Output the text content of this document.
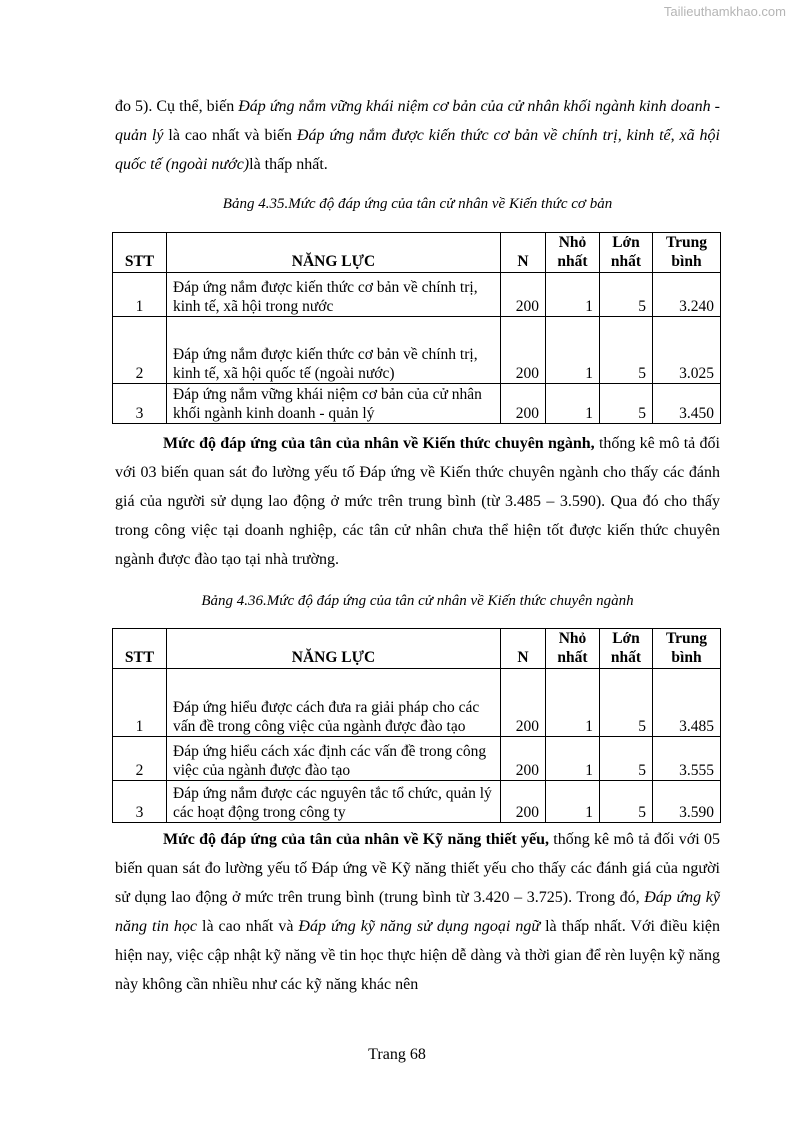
Tailieuthamkhao.com

đo 5). Cụ thể, biến Đáp ứng nắm vững khái niệm cơ bản của cử nhân khối ngành kinh doanh - quản lý là cao nhất và biến Đáp ứng nắm được kiến thức cơ bản về chính trị, kinh tế, xã hội quốc tế (ngoài nước)là thấp nhất.

Bảng 4.35.Mức độ đáp ứng của tân cử nhân về Kiến thức cơ bản

STT	NĂNG LỰC	N	Nhỏ nhất	Lớn nhất	Trung bình
1	Đáp ứng nắm được kiến thức cơ bản về chính trị, kinh tế, xã hội trong nước	200	1	5	3.240
2	Đáp ứng nắm được kiến thức cơ bản về chính trị, kinh tế, xã hội quốc tế (ngoài nước)	200	1	5	3.025
3	Đáp ứng nắm vững khái niệm cơ bản của cử nhân khối ngành kinh doanh - quản lý	200	1	5	3.450

Mức độ đáp ứng của tân của nhân về Kiến thức chuyên ngành, thống kê mô tả đối với 03 biến quan sát đo lường yếu tố Đáp ứng về Kiến thức chuyên ngành cho thấy các đánh giá của người sử dụng lao động ở mức trên trung bình (từ 3.485 – 3.590). Qua đó cho thấy trong công việc tại doanh nghiệp, các tân cử nhân chưa thể hiện tốt được kiến thức chuyên ngành được đào tạo tại nhà trường.

Bảng 4.36.Mức độ đáp ứng của tân cử nhân về Kiến thức chuyên ngành

STT	NĂNG LỰC	N	Nhỏ nhất	Lớn nhất	Trung bình
1	Đáp ứng hiểu được cách đưa ra giải pháp cho các vấn đề trong công việc của ngành được đào tạo	200	1	5	3.485
2	Đáp ứng hiểu cách xác định các vấn đề trong công việc của ngành được đào tạo	200	1	5	3.555
3	Đáp ứng nắm được các nguyên tắc tổ chức, quản lý các hoạt động trong công ty	200	1	5	3.590

Mức độ đáp ứng của tân của nhân về Kỹ năng thiết yếu, thống kê mô tả đối với 05 biến quan sát đo lường yếu tố Đáp ứng về Kỹ năng thiết yếu cho thấy các đánh giá của người sử dụng lao động ở mức trên trung bình (trung bình từ 3.420 – 3.725). Trong đó, Đáp ứng kỹ năng tin học là cao nhất và Đáp ứng kỹ năng sử dụng ngoại ngữ là thấp nhất. Với điều kiện hiện nay, việc cập nhật kỹ năng về tin học thực hiện dễ dàng và thời gian để rèn luyện kỹ năng này không cần nhiều như các kỹ năng khác nên

Trang 68
